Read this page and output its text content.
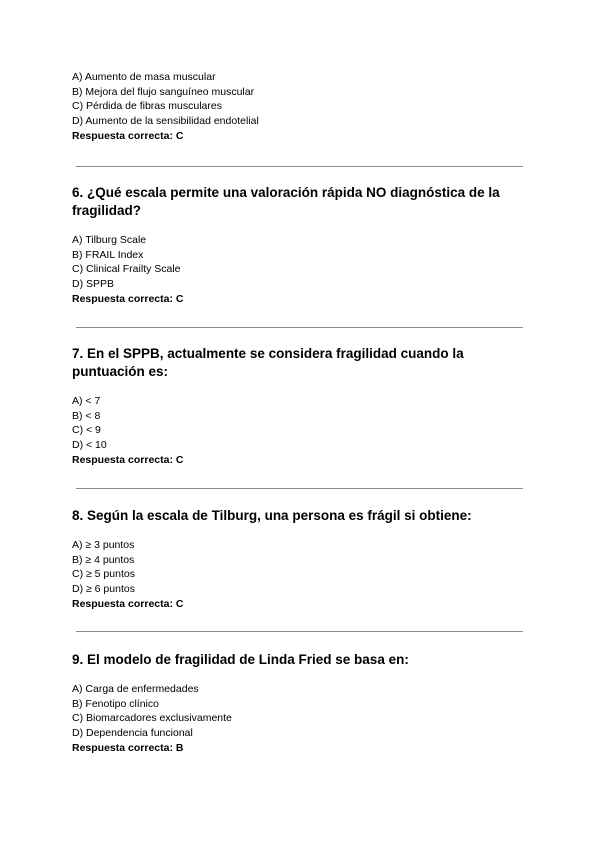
A) Aumento de masa muscular

B) Mejora del flujo sanguíneo muscular

C) Pérdida de fibras musculares

D) Aumento de la sensibilidad endotelial

Respuesta correcta: C

6. ¿Qué escala permite una valoración rápida NO diagnóstica de la fragilidad?

A) Tilburg Scale

B) FRAIL Index

C) Clinical Frailty Scale

D) SPPB

Respuesta correcta: C

7. En el SPPB, actualmente se considera fragilidad cuando la puntuación es:

A) < 7

B) < 8

C) < 9

D) < 10

Respuesta correcta: C

8. Según la escala de Tilburg, una persona es frágil si obtiene:

A) ≥ 3 puntos

B) ≥ 4 puntos

C) ≥ 5 puntos

D) ≥ 6 puntos

Respuesta correcta: C

9. El modelo de fragilidad de Linda Fried se basa en:

A) Carga de enfermedades

B) Fenotipo clínico

C) Biomarcadores exclusivamente

D) Dependencia funcional

Respuesta correcta: B
